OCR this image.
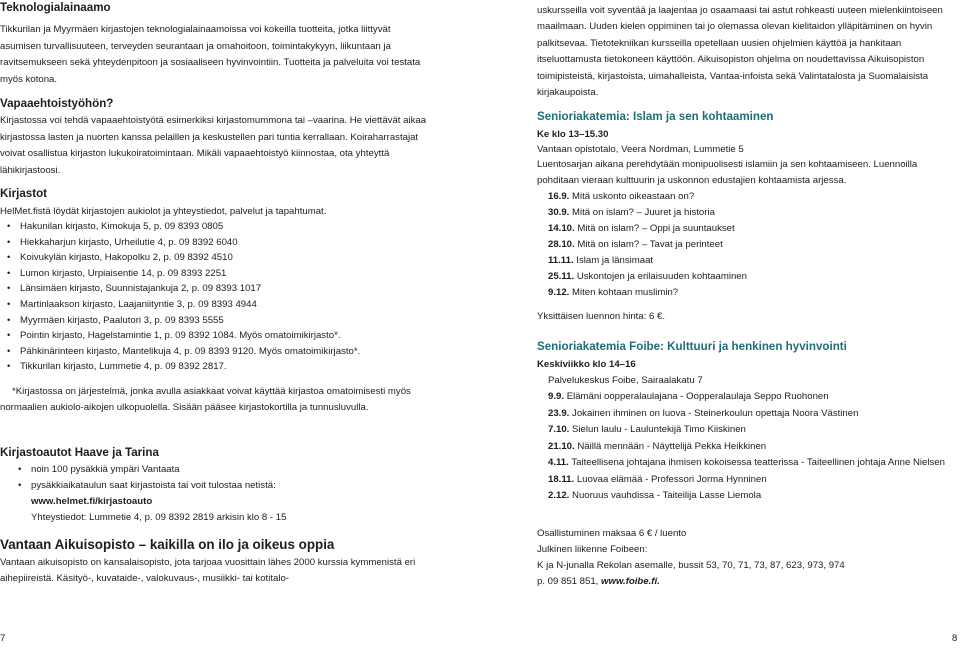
Teknologialainaamo

Tikkurilan ja Myyrmäen kirjastojen teknologialainaamoissa voi kokeilla tuotteita, jotka liittyvät asumisen turvallisuuteen, terveyden seurantaan ja omahoitoon, toimintakykyyn, liikuntaan ja ravitsemukseen sekä yhteydenpitoon ja sosiaaliseen hyvinvointiin. Tuotteita ja palveluita voi testata myös kotona.

Vapaaehtoistyöhön?

Kirjastossa voi tehdä vapaaehtoistyötä esimerkiksi kirjastomummona tai –vaarina. He viettävät aikaa kirjastossa lasten ja nuorten kanssa pelaillen ja keskustellen pari tuntia kerrallaan. Koiraharrastajat voivat osallistua kirjaston lukukoiratoimintaan. Mikäli vapaaehtoistyö kiinnostaa, ota yhteyttä lähikirjastoosi.

Kirjastot

HelMet.fistä löydät kirjastojen aukiolot ja yhteystiedot, palvelut ja tapahtumat.

• Hakunilan kirjasto, Kimokuja 5, p. 09 8393 0805
• Hiekkaharjun kirjasto, Urheilutie 4, p. 09 8392 6040
• Koivukylän kirjasto, Hakopolku 2, p. 09 8392 4510
• Lumon kirjasto, Urpiaisentie 14, p. 09 8393 2251
• Länsimäen kirjasto, Suunnistajankuja 2, p. 09 8393 1017
• Martinlaakson kirjasto, Laajaniityntie 3, p. 09 8393 4944
• Myyrmäen kirjasto, Paalutori 3, p. 09 8393 5555
• Pointin kirjasto, Hagelstamintie 1, p. 09 8392 1084. Myös omatoimikirjasto*.
• Pähkinärinteen kirjasto, Mantelikuja 4, p. 09 8393 9120. Myös omatoimikirjasto*.
• Tikkurilan kirjasto, Lummetie 4, p. 09 8392 2817.

*Kirjastossa on järjestelmä, jonka avulla asiakkaat voivat käyttää kirjastoa omatoimisesti myös normaalien aukiolo-aikojen ulkopuolella. Sisään pääsee kirjastokortilla ja tunnusluvulla.

Kirjastoautot Haave ja Tarina
• noin 100 pysäkkiä ympäri Vantaata
• pysäkkiaikataulun saat kirjastoista tai voit tulostaa netistä:
www.helmet.fi/kirjastoauto

Yhteystiedot: Lummetie 4, p. 09 8392 2819 arkisin klo 8 - 15

Vantaan Aikuisopisto – kaikilla on ilo ja oikeus oppia

Vantaan aikuisopisto on kansalaisopisto, jota tarjoaa vuosittain lähes 2000 kurssia kymmenistä eri aihepiireistä. Käsityö-, kuvataide-, valokuvaus-, musiikki- tai kotitalo-

7

uskursseilla voit syventää ja laajentaa jo osaamaasi tai astut rohkeasti uuteen mielenkiintoiseen maailmaan. Uuden kielen oppiminen tai jo olemassa olevan kielitaidon ylläpitäminen on hyvin palkitsevaa. Tietotekniikan kursseilla opetellaan uusien ohjelmien käyttöä ja hankitaan itseluottamusta tietokoneen käyttöön. Aikuisopiston ohjelma on noudettavissa Aikuisopiston toimipisteistä, kirjastoista, uimahalleista, Vantaa-infoista sekä Valintatalosta ja Suomalaisista kirjakaupoista.

Senioriakatemia: Islam ja sen kohtaaminen

Ke klo 13–15.30

Vantaan opistotalo, Veera Nordman, Lummetie 5

Luentosarjan aikana perehdytään monipuolisesti islamiin ja sen kohtaamiseen. Luennoilla pohditaan vieraan kulttuurin ja uskonnon edustajien kohtaamista arjessa.

16.9. Mitä uskonto oikeastaan on?
30.9. Mitä on islam? – Juuret ja historia
14.10. Mitä on islam? – Oppi ja suuntaukset
28.10. Mitä on islam? – Tavat ja perinteet
11.11. Islam ja länsimaat
25.11. Uskontojen ja erilaisuuden kohtaaminen
9.12. Miten kohtaan muslimin?

Yksittäisen luennon hinta: 6 €.

Senioriakatemia Foibe: Kulttuuri ja henkinen hyvinvointi

Keskiviikko klo 14–16

Palvelukeskus Foibe, Sairaalakatu 7

9.9. Elämäni oopperalaulajana - Oopperalaulaja Seppo Ruohonen
23.9. Jokainen ihminen on luova - Steinerkoulun opettaja Noora Västinen
7.10. Sielun laulu - Lauluntekijä Timo Kiiskinen
21.10. Näillä mennään - Näyttelijä Pekka Heikkinen
4.11. Taiteellisena johtajana ihmisen kokoisessa teatterissa - Taiteellinen johtaja Anne Nielsen
18.11. Luovaa elämää - Professori Jorma Hynninen
2.12. Nuoruus vauhdissa - Taiteilija Lasse Liemola

Osallistuminen maksaa 6 € / luento

Julkinen liikenne Foibeen:

K ja N-junalla Rekolan asemalle, bussit 53, 70, 71, 73, 87, 623, 973, 974

p. 09 851 851, www.foibe.fi.

8
